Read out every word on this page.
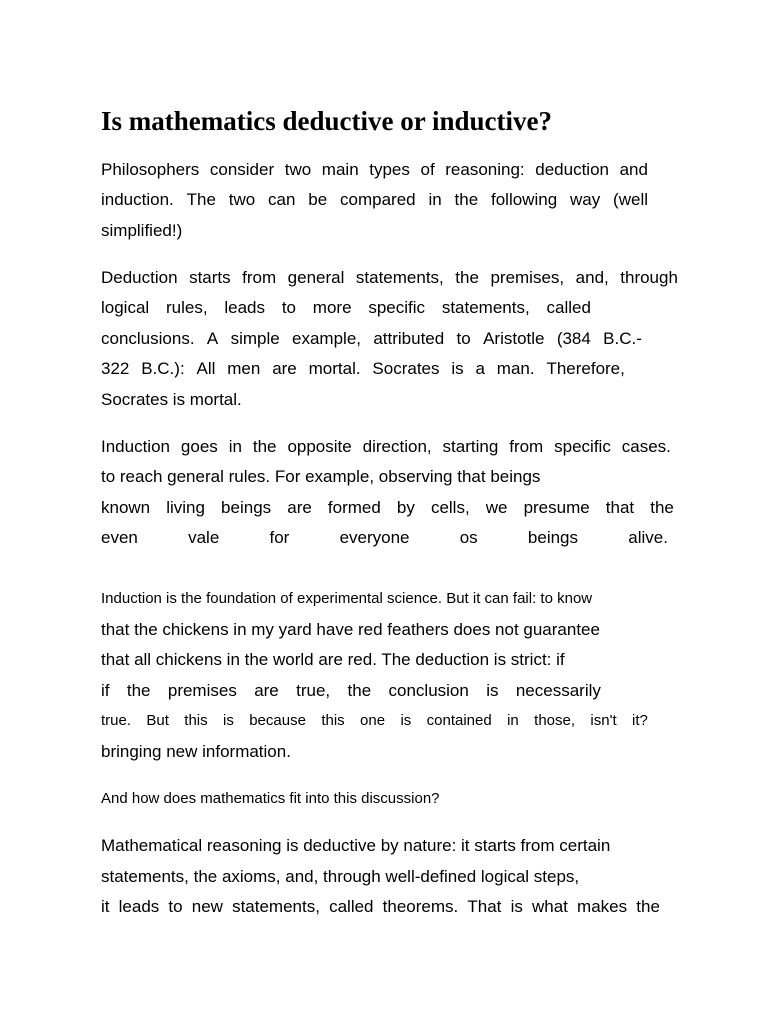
Is mathematics deductive or inductive?

Philosophers consider two main types of reasoning: deduction and

induction. The two can be compared in the following way (well

simplified!)

Deduction starts from general statements, the premises, and, through

logical rules, leads to more specific statements, called

conclusions. A simple example, attributed to Aristotle (384 B.C.-

322 B.C.): All men are mortal. Socrates is a man. Therefore,

Socrates is mortal.

Induction goes in the opposite direction, starting from specific cases.

to reach general rules. For example, observing that beings

known living beings are formed by cells, we presume that the

even	vale	for	everyone	os	beings	alive.

Induction is the foundation of experimental science. But it can fail: to know

that the chickens in my yard have red feathers does not guarantee

that all chickens in the world are red. The deduction is strict: if

if the premises are true, the conclusion is necessarily

true. But this is because this one is contained in those, isn't it?

bringing new information.

And how does mathematics fit into this discussion?

Mathematical reasoning is deductive by nature: it starts from certain

statements, the axioms, and, through well-defined logical steps,

it leads to new statements, called theorems. That is what makes the
